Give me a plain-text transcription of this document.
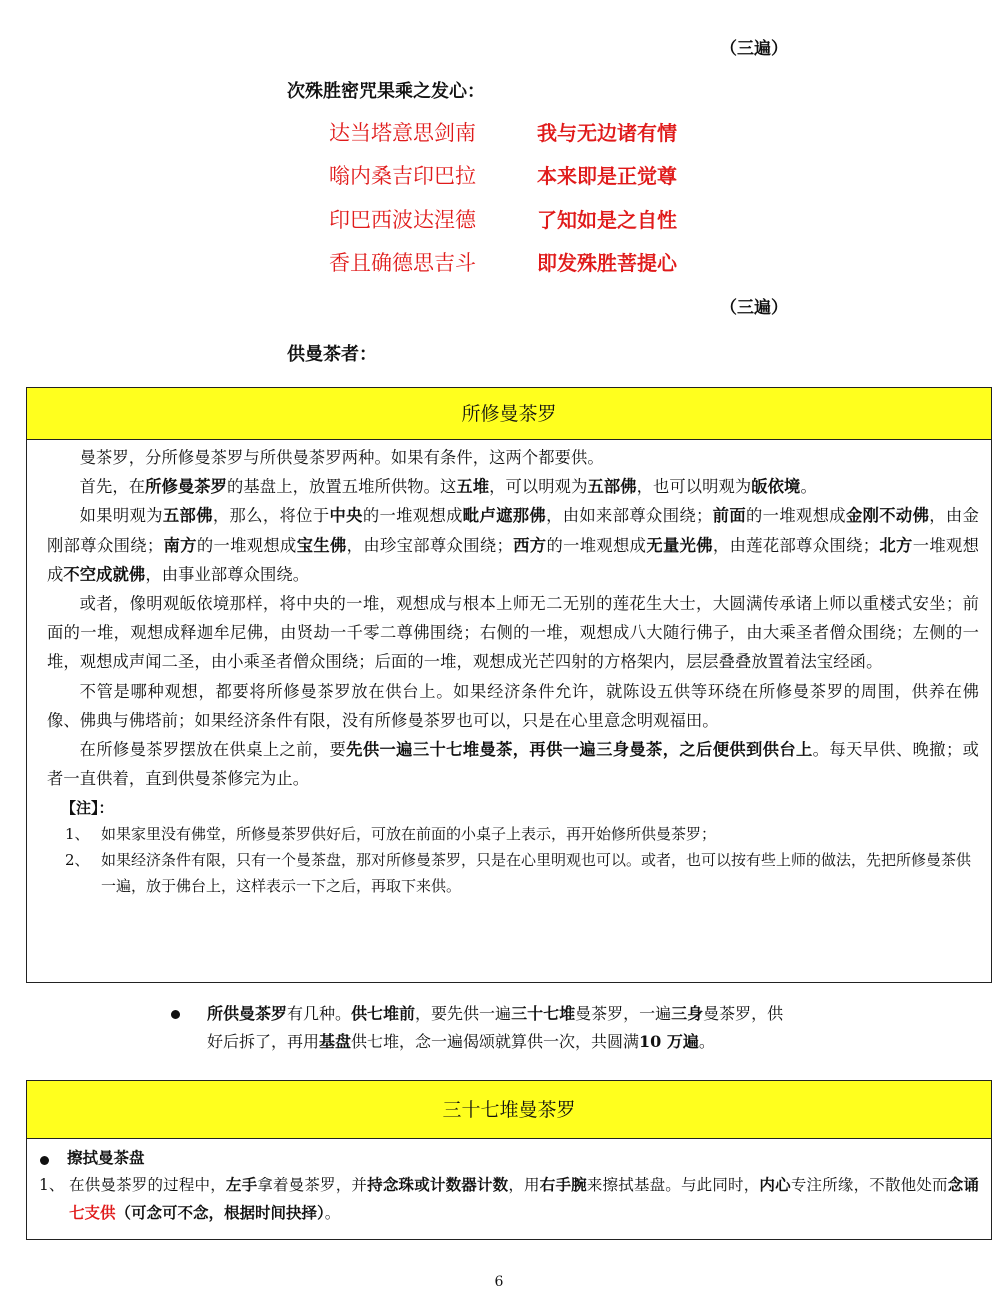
（三遍）
次殊胜密咒果乘之发心：
达当塔意思剑南	我与无边诸有情
嗡内桑吉印巴拉	本来即是正觉尊
印巴西波达涅德	了知如是之自性
香且确德思吉斗	即发殊胜菩提心
（三遍）
供曼茶者：
所修曼茶罗

曼茶罗，分所修曼茶罗与所供曼茶罗两种。如果有条件，这两个都要供。

首先，在所修曼茶罗的基盘上，放置五堆所供物。这五堆，可以明观为五部佛，也可以明观为皈依境。

如果明观为五部佛，那么，将位于中央的一堆观想成毗卢遮那佛，由如来部尊众围绕；前面的一堆观想成金刚不动佛，由金刚部尊众围绕；南方的一堆观想成宝生佛，由珍宝部尊众围绕；西方的一堆观想成无量光佛，由莲花部尊众围绕；北方一堆观想成不空成就佛，由事业部尊众围绕。

或者，像明观皈依境那样，将中央的一堆，观想成与根本上师无二无别的莲花生大士，大圆满传承诸上师以重楼式安坐；前面的一堆，观想成释迦牟尼佛，由贤劫一千零二尊佛围绕；右侧的一堆，观想成八大随行佛子，由大乘圣者僧众围绕；左侧的一堆，观想成声闻二圣，由小乘圣者僧众围绕；后面的一堆，观想成光芒四射的方格架内，层层叠叠放置着法宝经函。

不管是哪种观想，都要将所修曼茶罗放在供台上。如果经济条件允许，就陈设五供等环绕在所修曼茶罗的周围，供养在佛像、佛典与佛塔前；如果经济条件有限，没有所修曼茶罗也可以，只是在心里意念明观福田。

在所修曼茶罗摆放在供桌上之前，要先供一遍三十七堆曼茶，再供一遍三身曼茶，之后便供到供台上。每天早供、晚撤；或者一直供着，直到供曼茶修完为止。

【注】：

1、 如果家里没有佛堂，所修曼茶罗供好后，可放在前面的小桌子上表示，再开始修所供曼茶罗；

2、 如果经济条件有限，只有一个曼茶盘，那对所修曼茶罗，只是在心里明观也可以。或者，也可以按有些上师的做法，先把所修曼茶供一遍，放于佛台上，这样表示一下之后，再取下来供。

所供曼茶罗有几种。供七堆前，要先供一遍三十七堆曼茶罗，一遍三身曼茶罗，供
好后拆了，再用基盘供七堆，念一遍偈颂就算供一次，共圆满10 万遍。
三十七堆曼茶罗
擦拭曼茶盘
1、 在供曼茶罗的过程中，左手拿着曼茶罗，并持念珠或计数器计数，用右手腕来擦拭基盘。与此同时，内心专注所缘，不散他处而念诵七支供（可念可不念，根据时间抉择）。
6
